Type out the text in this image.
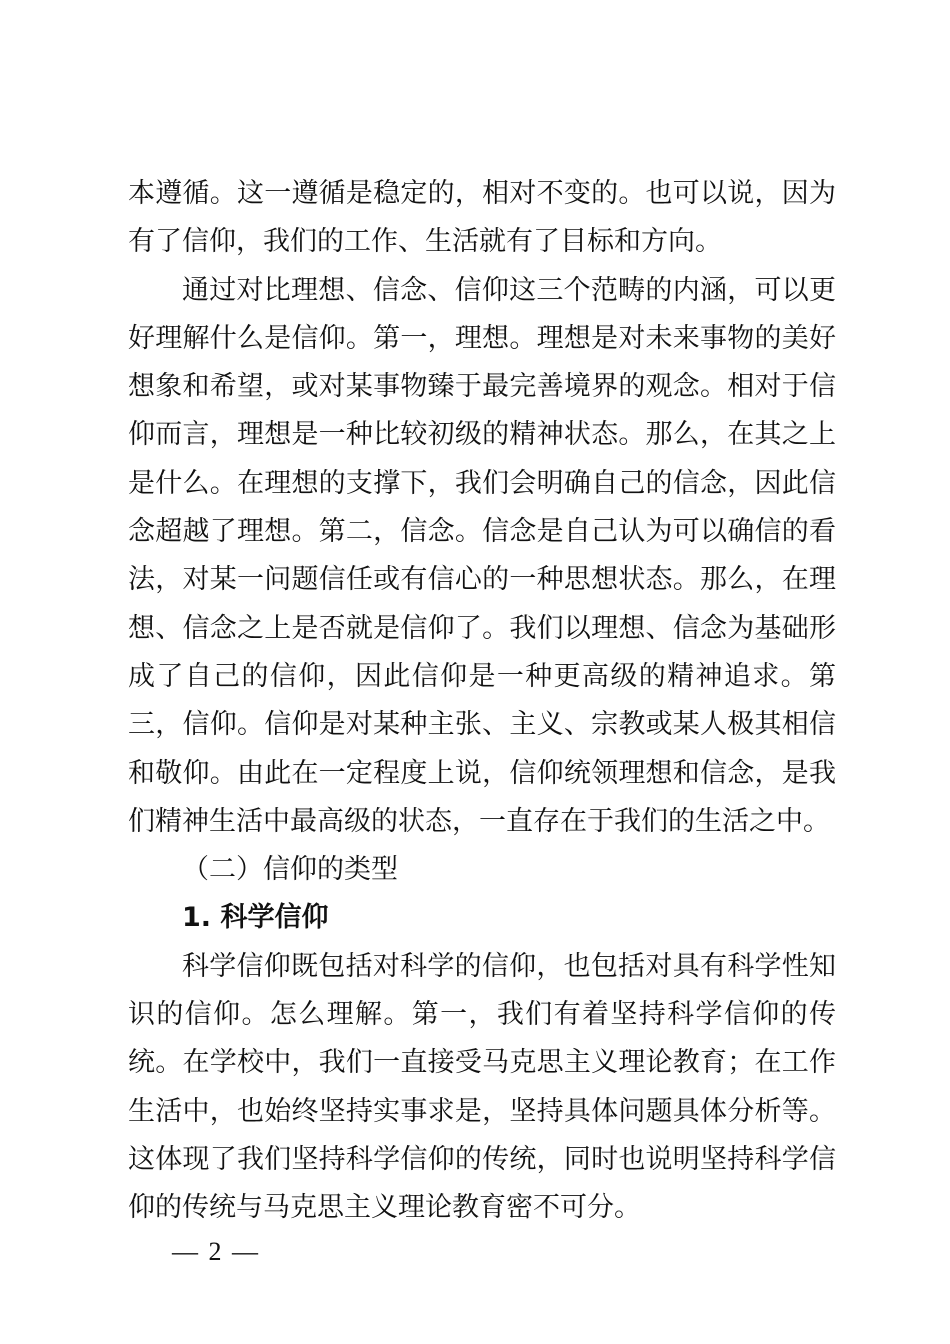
本遵循。这一遵循是稳定的，相对不变的。也可以说，因为有了信仰，我们的工作、生活就有了目标和方向。

通过对比理想、信念、信仰这三个范畴的内涵，可以更好理解什么是信仰。第一，理想。理想是对未来事物的美好想象和希望，或对某事物臻于最完善境界的观念。相对于信仰而言，理想是一种比较初级的精神状态。那么，在其之上是什么。在理想的支撑下，我们会明确自己的信念，因此信念超越了理想。第二，信念。信念是自己认为可以确信的看法，对某一问题信任或有信心的一种思想状态。那么，在理想、信念之上是否就是信仰了。我们以理想、信念为基础形成了自己的信仰，因此信仰是一种更高级的精神追求。第三，信仰。信仰是对某种主张、主义、宗教或某人极其相信和敬仰。由此在一定程度上说，信仰统领理想和信念，是我们精神生活中最高级的状态，一直存在于我们的生活之中。

（二）信仰的类型

1. 科学信仰

科学信仰既包括对科学的信仰，也包括对具有科学性知识的信仰。怎么理解。第一，我们有着坚持科学信仰的传统。在学校中，我们一直接受马克思主义理论教育；在工作生活中，也始终坚持实事求是，坚持具体问题具体分析等。这体现了我们坚持科学信仰的传统，同时也说明坚持科学信仰的传统与马克思主义理论教育密不可分。

— 2 —
